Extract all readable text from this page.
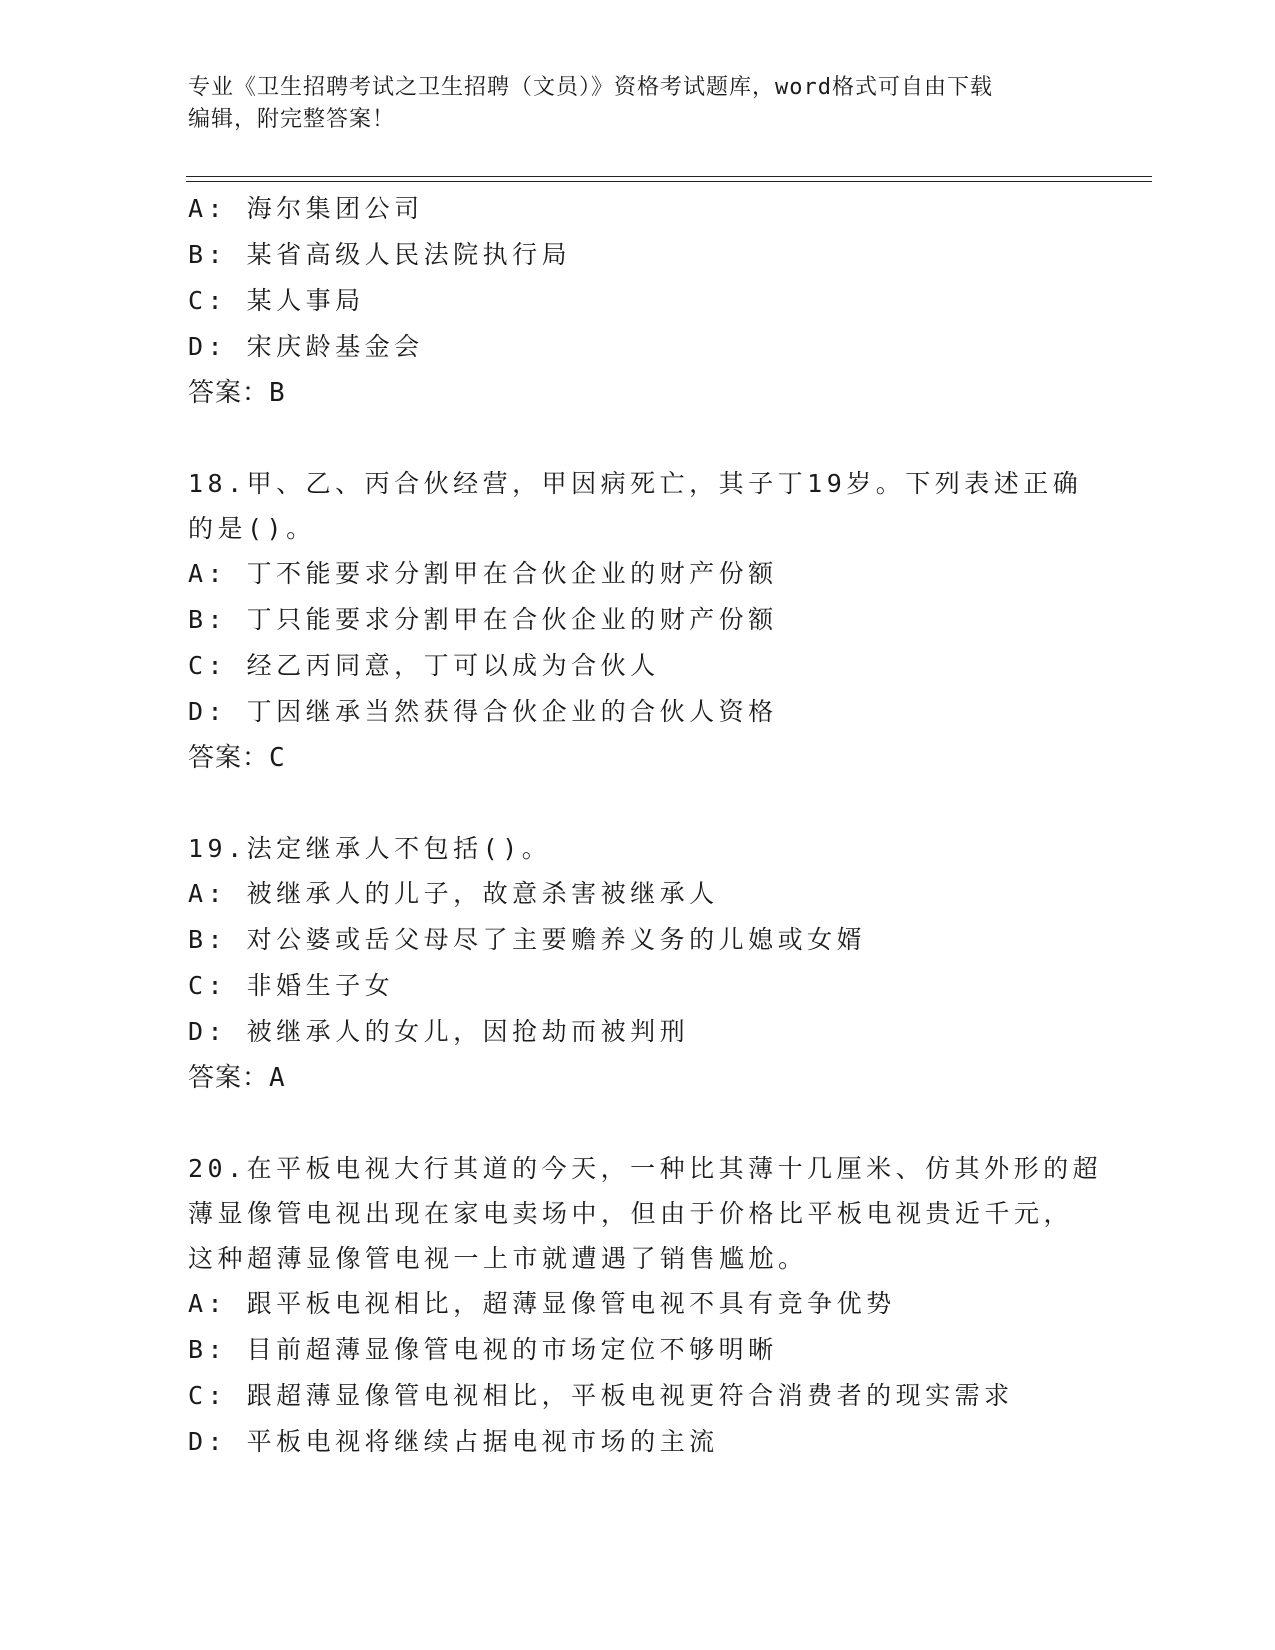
专业《卫生招聘考试之卫生招聘（文员）》资格考试题库，word格式可自由下载
编辑，附完整答案！
A: 海尔集团公司
B: 某省高级人民法院执行局
C: 某人事局
D: 宋庆龄基金会
答案：B
18.甲、乙、丙合伙经营，甲因病死亡，其子丁19岁。下列表述正确
的是()。
A: 丁不能要求分割甲在合伙企业的财产份额
B: 丁只能要求分割甲在合伙企业的财产份额
C: 经乙丙同意，丁可以成为合伙人
D: 丁因继承当然获得合伙企业的合伙人资格
答案：C
19.法定继承人不包括()。
A: 被继承人的儿子，故意杀害被继承人
B: 对公婆或岳父母尽了主要赡养义务的儿媳或女婿
C: 非婚生子女
D: 被继承人的女儿，因抢劫而被判刑
答案：A
20.在平板电视大行其道的今天，一种比其薄十几厘米、仿其外形的超
薄显像管电视出现在家电卖场中，但由于价格比平板电视贵近千元，
这种超薄显像管电视一上市就遭遇了销售尴尬。
A: 跟平板电视相比，超薄显像管电视不具有竞争优势
B: 目前超薄显像管电视的市场定位不够明晰
C: 跟超薄显像管电视相比，平板电视更符合消费者的现实需求
D: 平板电视将继续占据电视市场的主流
